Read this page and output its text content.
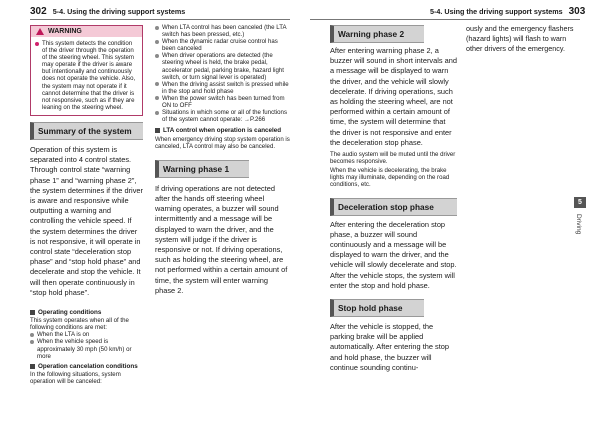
302 5-4. Using the driving support systems
WARNING

This system detects the condition of the driver through the operation of the steering wheel. This system may operate if the driver is aware but intentionally and continuously does not operate the vehicle. Also, the system may not operate if it cannot determine that the driver is not responsive, such as if they are leaning on the steering wheel.

Summary of the system

Operation of this system is separated into 4 control states. Through control state “warning phase 1” and “warning phase 2”, the system determines if the driver is aware and responsive while outputting a warning and controlling the vehicle speed. If the system determines the driver is not responsive, it will operate in control state “deceleration stop phase” and “stop hold phase” and decelerate and stop the vehicle. It will then operate continuously in “stop hold phase”.

Operating conditions

This system operates when all of the following conditions are met:

When the LTA is on
When the vehicle speed is approximately 30 mph (50 km/h) or more
Operation cancelation conditions

In the following situations, system operation will be canceled:

When LTA control has been canceled (the LTA switch has been pressed, etc.)
When the dynamic radar cruise control has been canceled
When driver operations are detected (the steering wheel is held, the brake pedal, accelerator pedal, parking brake, hazard light switch, or turn signal lever is operated)
When the driving assist switch is pressed while in the stop and hold phase
When the power switch has been turned from ON to OFF
Situations in which some or all of the functions of the system cannot operate: →P.266
LTA control when operation is canceled

When emergency driving stop system operation is canceled, LTA control may also be canceled.

Warning phase 1

If driving operations are not detected after the hands off steering wheel warning operates, a buzzer will sound intermittently and a message will be displayed to warn the driver, and the system will judge if the driver is responsive or not. If driving operations, such as holding the steering wheel, are not performed within a certain amount of time, the system will enter warning phase 2.

5-4. Using the driving support systems 303
Warning phase 2

After entering warning phase 2, a buzzer will sound in short intervals and a message will be displayed to warn the driver, and the vehicle will slowly decelerate. If driving operations, such as holding the steering wheel, are not performed within a certain amount of time, the system will determine that the driver is not responsive and enter the deceleration stop phase.

The audio system will be muted until the driver becomes responsive.

When the vehicle is decelerating, the brake lights may illuminate, depending on the road conditions, etc.

Deceleration stop phase

After entering the deceleration stop phase, a buzzer will sound continuously and a message will be displayed to warn the driver, and the vehicle will slowly decelerate and stop. After the vehicle stops, the system will enter the stop and hold phase.

Stop hold phase

After the vehicle is stopped, the parking brake will be applied automatically. After entering the stop and hold phase, the buzzer will continue sounding continu-

ously and the emergency flashers (hazard lights) will flash to warn other drivers of the emergency.

5
Driving
